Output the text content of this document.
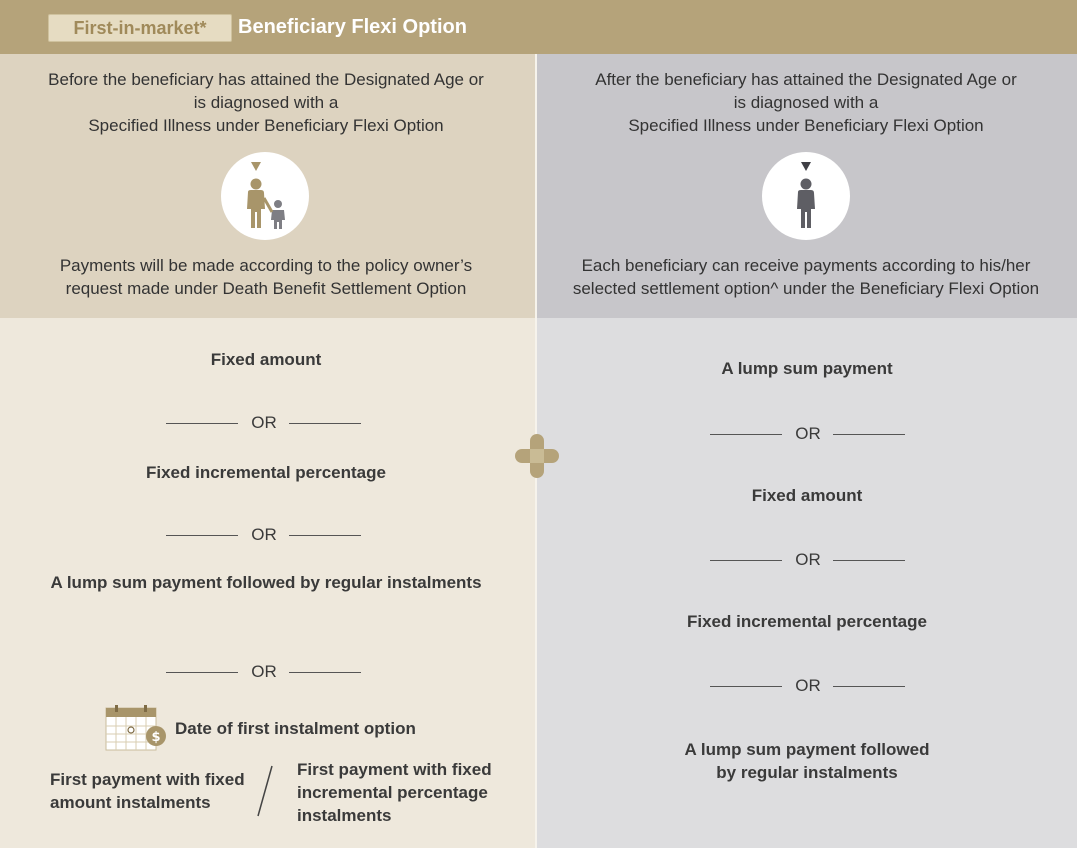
First-in-market*	Beneficiary Flexi Option
Before the beneficiary has attained the Designated Age or
is diagnosed with a
Specified Illness under Beneficiary Flexi Option
Payments will be made according to the policy owner’s
request made under Death Benefit Settlement Option
After the beneficiary has attained the Designated Age or
is diagnosed with a
Specified Illness under Beneficiary Flexi Option
Each beneficiary can receive payments according to his/her
selected settlement option^ under the Beneficiary Flexi Option
Fixed amount
OR
Fixed incremental percentage
OR
A lump sum payment followed by regular instalments
OR
$ Date of first instalment option
First payment with fixed
amount instalments
First payment with fixed
incremental percentage
instalments
A lump sum payment
OR
Fixed amount
OR
Fixed incremental percentage
OR
A lump sum payment followed
by regular instalments
